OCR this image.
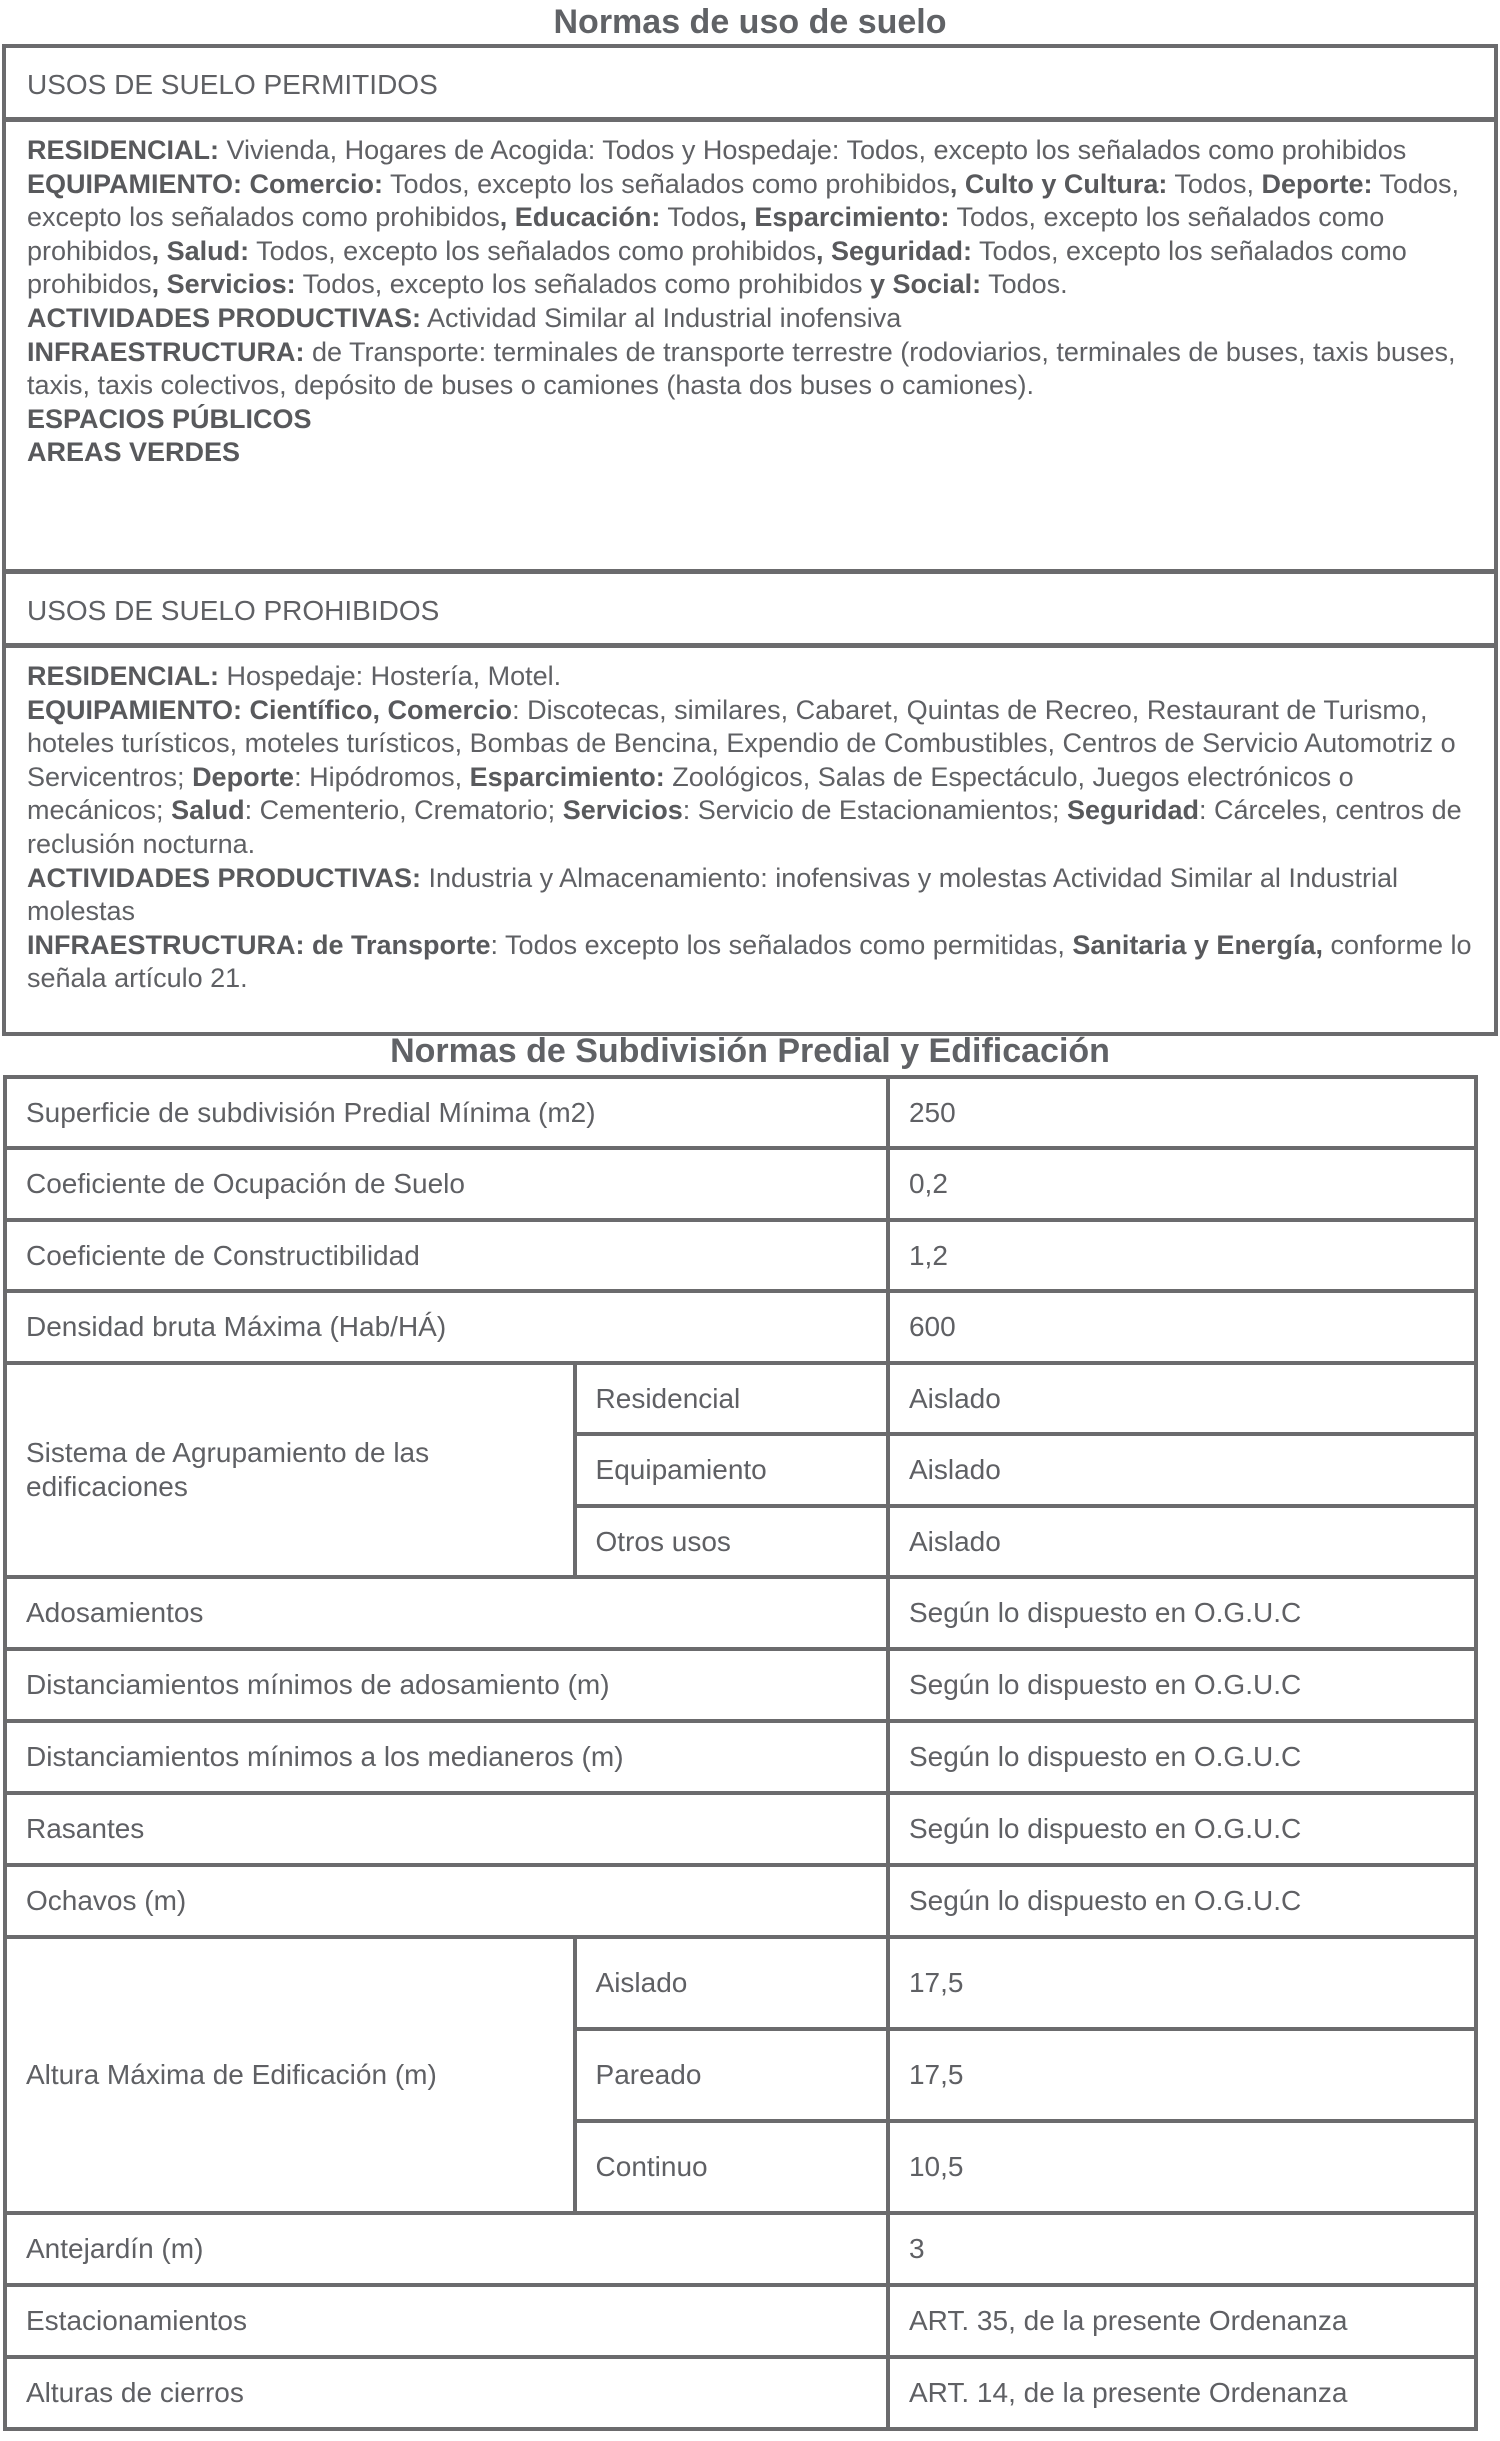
Normas de uso de suelo
USOS DE SUELO PERMITIDOS

RESIDENCIAL: Vivienda, Hogares de Acogida: Todos y Hospedaje: Todos, excepto los señalados como prohibidos

EQUIPAMIENTO: Comercio: Todos, excepto los señalados como prohibidos, Culto y Cultura: Todos, Deporte: Todos, excepto los señalados como prohibidos, Educación: Todos, Esparcimiento: Todos, excepto los señalados como prohibidos, Salud: Todos, excepto los señalados como prohibidos, Seguridad: Todos, excepto los señalados como prohibidos, Servicios: Todos, excepto los señalados como prohibidos y Social: Todos.

ACTIVIDADES PRODUCTIVAS: Actividad Similar al Industrial inofensiva

INFRAESTRUCTURA: de Transporte: terminales de transporte terrestre (rodoviarios, terminales de buses, taxis buses, taxis, taxis colectivos, depósito de buses o camiones (hasta dos buses o camiones).

ESPACIOS PÚBLICOS

AREAS VERDES

USOS DE SUELO PROHIBIDOS

RESIDENCIAL: Hospedaje: Hostería, Motel.

EQUIPAMIENTO: Científico, Comercio: Discotecas, similares, Cabaret, Quintas de Recreo, Restaurant de Turismo, hoteles turísticos, moteles turísticos, Bombas de Bencina, Expendio de Combustibles, Centros de Servicio Automotriz o Servicentros; Deporte: Hipódromos, Esparcimiento: Zoológicos, Salas de Espectáculo, Juegos electrónicos o mecánicos; Salud: Cementerio, Crematorio; Servicios: Servicio de Estacionamientos; Seguridad: Cárceles, centros de reclusión nocturna.

ACTIVIDADES PRODUCTIVAS: Industria y Almacenamiento: inofensivas y molestas Actividad Similar al Industrial molestas

INFRAESTRUCTURA: de Transporte: Todos excepto los señalados como permitidas, Sanitaria y Energía, conforme lo señala artículo 21.

Normas de Subdivisión Predial y Edificación
Superficie de subdivisión Predial Mínima (m2)		250
Coeficiente de Ocupación de Suelo		0,2
Coeficiente de Constructibilidad		1,2
Densidad bruta Máxima (Hab/HÁ)		600
Sistema de Agrupamiento de las edificaciones	Residencial	Aislado
	Equipamiento	Aislado
	Otros usos	Aislado
Adosamientos		Según lo dispuesto en O.G.U.C
Distanciamientos mínimos de adosamiento (m)		Según lo dispuesto en O.G.U.C
Distanciamientos mínimos a los medianeros (m)		Según lo dispuesto en O.G.U.C
Rasantes		Según lo dispuesto en O.G.U.C
Ochavos (m)		Según lo dispuesto en O.G.U.C
Altura Máxima de Edificación (m)	Aislado	17,5
	Pareado	17,5
	Continuo	10,5
Antejardín (m)		3
Estacionamientos		ART. 35, de la presente Ordenanza
Alturas de cierros		ART. 14, de la presente Ordenanza
